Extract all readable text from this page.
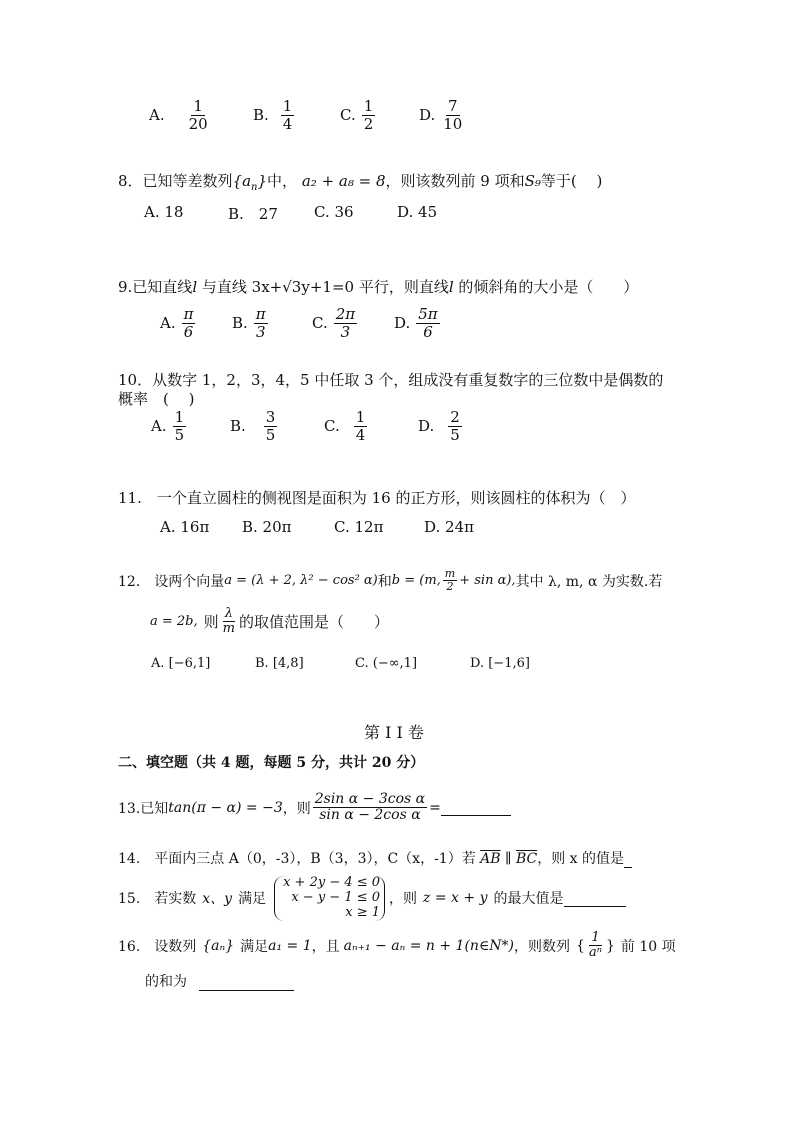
A. $\frac{1}{20}$	B. $\frac{1}{4}$	C. $\frac{1}{2}$	D. $\frac{7}{10}$
8．已知等差数列$\{a_n\}$中， a₂ + a₈ = 8，则该数列前 9 项和S₉等于(　 )
A. 18	B.　27 C. 36	D. 45
9.已知直线l 与直线 3x+√3y+1=0 平行，则直线l 的倾斜角的大小是（　　）
A. $\frac{\pi}{6} B$. $\frac{\pi}{3}$	C. $\frac{2\pi}{3} D$. $\frac{5\pi}{6}$
10．从数字 1，2，3，4，5 中任取 3 个，组成没有重复数字的三位数中是偶数的
概率　(　 )
A. $\frac{1}{5}$	B. $\frac{3}{5}$	C. $\frac{1}{4}$	D. $\frac{2}{5}$
11.　一个直立圆柱的侧视图是面积为 16 的正方形，则该圆柱的体积为（　）
A. 16π B. 20π	C. 12π	D. 24π
12.　设两个向量 a = (λ + 2, λ² − cos² α) 和 b = (m, $\frac{m}{2} + \sin \alpha$), 其中 λ, m, α 为实数.若
a = 2b, 则 $\frac{\lambda}{m}$ 的取值范围是（　　）
A. [−6,1]	B. [4,8]	C. (−∞,1]	D. [−1,6]
第 I I 卷
二、填空题（共 4 题，每题 5 分，共计 20 分）
13.已知 tan(π − α) = −3 ，则 $\frac{\text{2sin α − 3cos α}}{\text{sin α − 2cos α}}$ =
14.　平面内三点 A（0，-3），B（3，3），C（x，-1）若 $\overline{AB}$ ∥ $\overline{BC}$，则 x 的值是
15.　若实数 x、y 满足
x + 2y − 4 ≤ 0
x − y − 1 ≤ 0
x ≥ 1
，则 z = x + y 的最大值是
16.　设数列 {aₙ} 满足 a₁ = 1 ，且 aₙ₊₁ − aₙ = n + 1(n∈N*) ，则数列 { $\frac{1}{\text{aⁿ}}$ } 前 10 项
的和为
